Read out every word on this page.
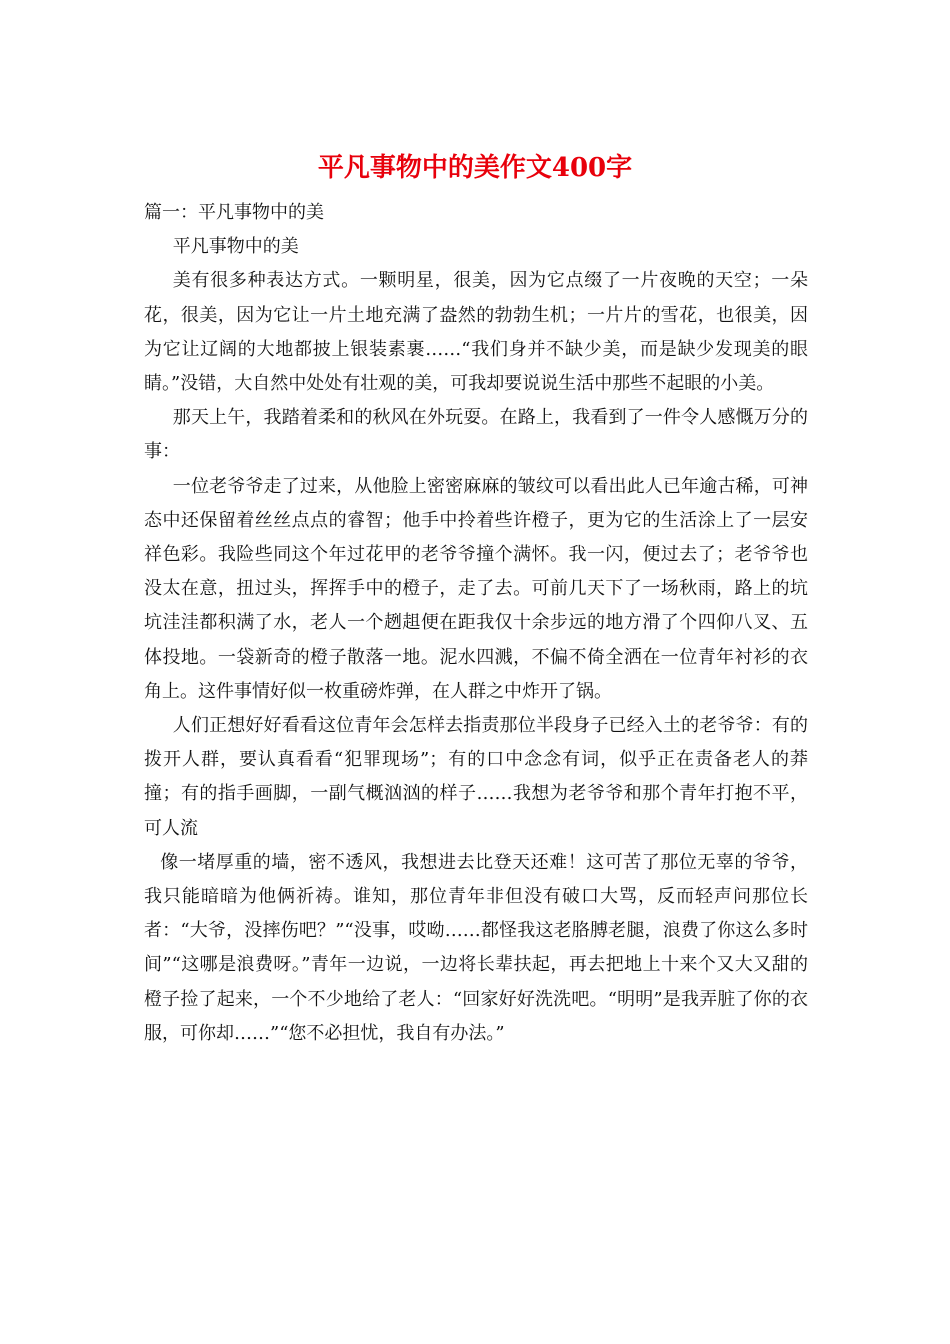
平凡事物中的美作文400字

篇一：平凡事物中的美

平凡事物中的美

美有很多种表达方式。一颗明星，很美，因为它点缀了一片夜晚的天空；一朵花，很美，因为它让一片土地充满了盎然的勃勃生机；一片片的雪花，也很美，因为它让辽阔的大地都披上银装素裹……“我们身并不缺少美，而是缺少发现美的眼睛。”没错，大自然中处处有壮观的美，可我却要说说生活中那些不起眼的小美。

那天上午，我踏着柔和的秋风在外玩耍。在路上，我看到了一件令人感慨万分的事：

一位老爷爷走了过来，从他脸上密密麻麻的皱纹可以看出此人已年逾古稀，可神态中还保留着丝丝点点的睿智；他手中拎着些许橙子，更为它的生活涂上了一层安祥色彩。我险些同这个年过花甲的老爷爷撞个满怀。我一闪，便过去了；老爷爷也没太在意，扭过头，挥挥手中的橙子，走了去。可前几天下了一场秋雨，路上的坑坑洼洼都积满了水，老人一个趔趄便在距我仅十余步远的地方滑了个四仰八叉、五体投地。一袋新奇的橙子散落一地。泥水四溅，不偏不倚全洒在一位青年衬衫的衣角上。这件事情好似一枚重磅炸弹，在人群之中炸开了锅。

人们正想好好看看这位青年会怎样去指责那位半段身子已经入土的老爷爷：有的拨开人群，要认真看看“犯罪现场”；有的口中念念有词，似乎正在责备老人的莽撞；有的指手画脚，一副气概汹汹的样子……我想为老爷爷和那个青年打抱不平，可人流

像一堵厚重的墙，密不透风，我想进去比登天还难！这可苦了那位无辜的爷爷，我只能暗暗为他俩祈祷。谁知，那位青年非但没有破口大骂，反而轻声问那位长者：“大爷，没摔伤吧？”“没事，哎呦……都怪我这老胳膊老腿，浪费了你这么多时间”“这哪是浪费呀。”青年一边说，一边将长辈扶起，再去把地上十来个又大又甜的橙子捡了起来，一个不少地给了老人：“回家好好洗洗吧。“明明”是我弄脏了你的衣服，可你却……”“您不必担忧，我自有办法。”
